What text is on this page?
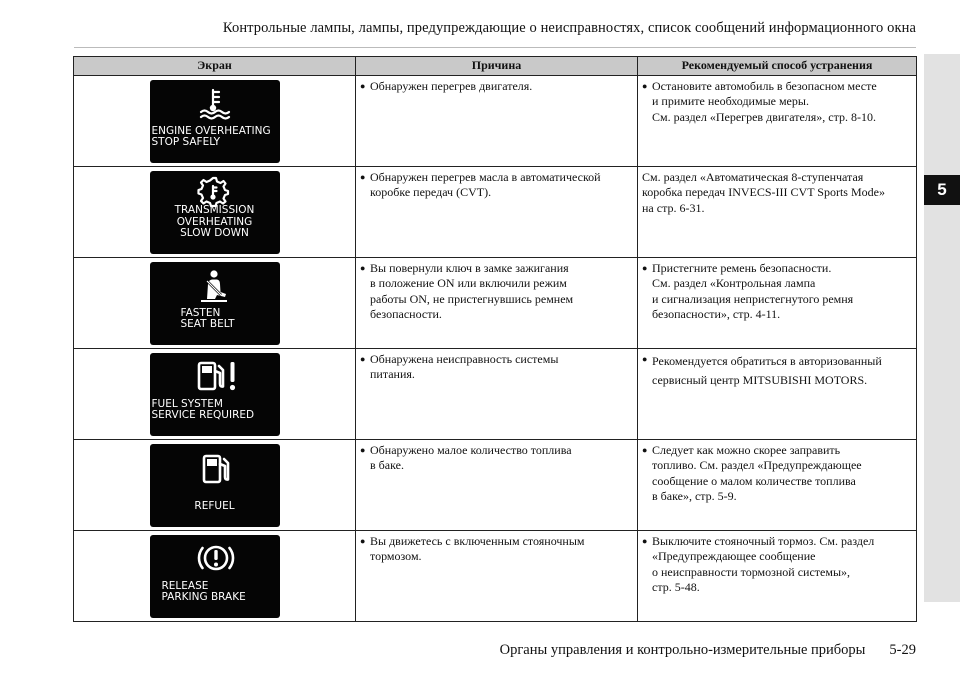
Контрольные лампы, лампы, предупреждающие о неисправностях, список сообщений информационного окна
5
Экран	Причина	Рекомендуемый способ устранения

ENGINE OVERHEATING
STOP SAFELY	● Обнаружен перегрев двигателя.	● Остановите автомобиль в безопасном месте
и примите необходимые меры.
См. раздел «Перегрев двигателя», стр. 8-10.

TRANSMISSION
OVERHEATING
SLOW DOWN	● Обнаружен перегрев масла в автоматической
коробке передач (CVT).	См. раздел «Автоматическая 8-ступенчатая
коробка передач INVECS-III CVT Sports Mode»
на стр. 6-31.

FASTEN
SEAT BELT	● Вы повернули ключ в замке зажигания
в положение ON или включили режим
работы ON, не пристегнувшись ремнем
безопасности.	● Пристегните ремень безопасности.
См. раздел «Контрольная лампа
и сигнализация непристегнутого ремня
безопасности», стр. 4-11.

FUEL SYSTEM
SERVICE REQUIRED	● Обнаружена неисправность системы
питания.	● Рекомендуется обратиться в авторизованный
сервисный центр MITSUBISHI MOTORS.

REFUEL	● Обнаружено малое количество топлива
в баке.	● Следует как можно скорее заправить
топливо. См. раздел «Предупреждающее
сообщение о малом количестве топлива
в баке», стр. 5-9.

RELEASE
PARKING BRAKE	● Вы движетесь с включенным стояночным
тормозом.	● Выключите стояночный тормоз. См. раздел
«Предупреждающее сообщение
о неисправности тормозной системы»,
стр. 5-48.
Органы управления и контрольно-измерительные приборы 5-29
